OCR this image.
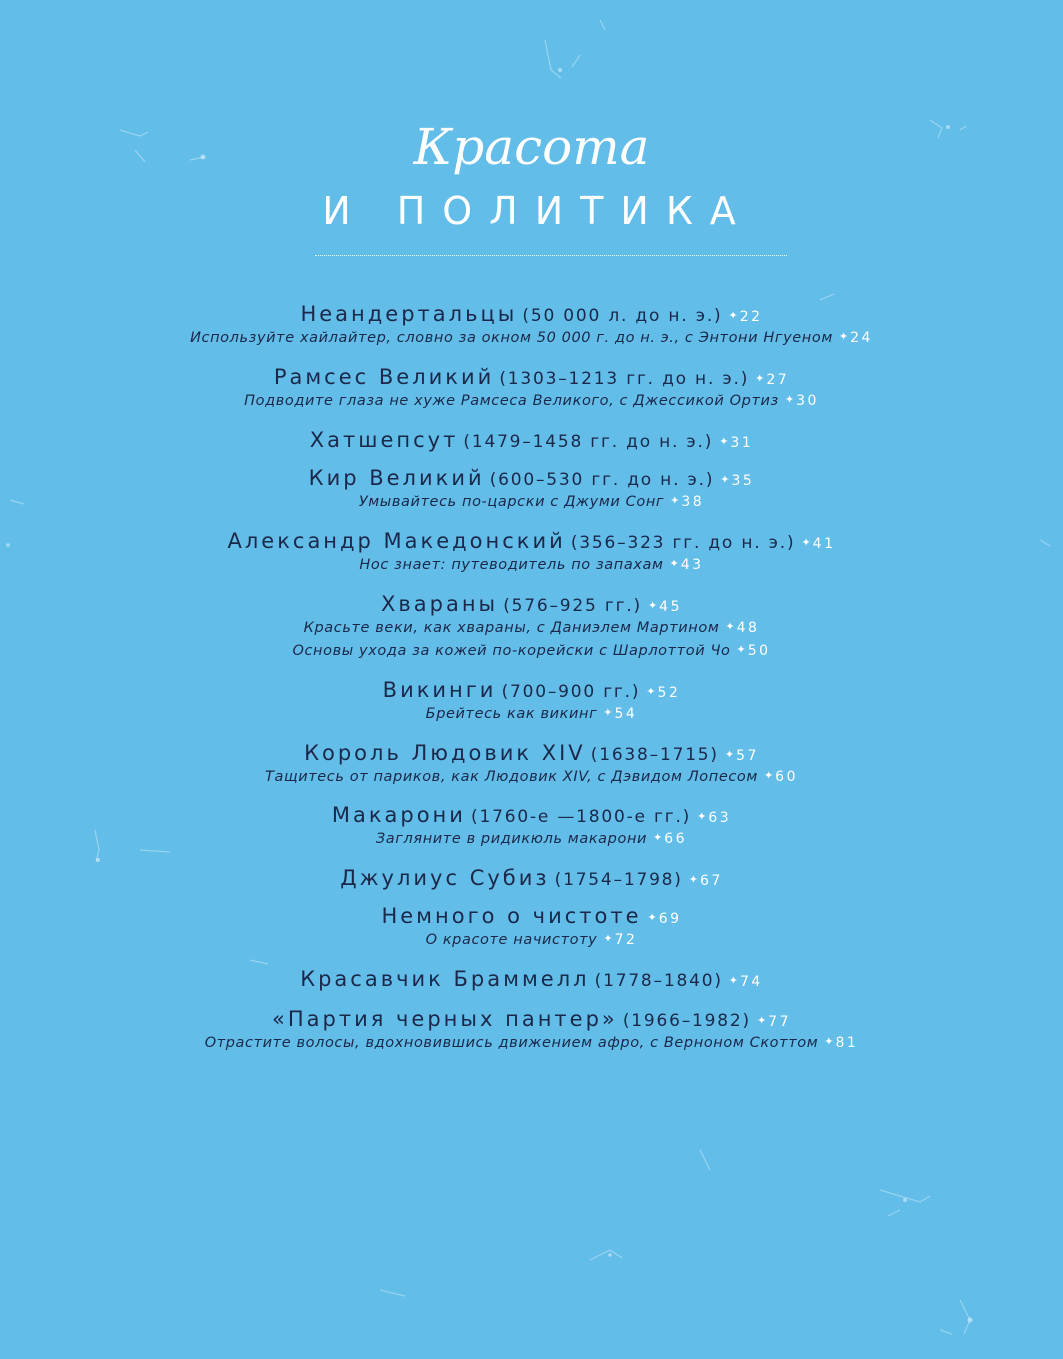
Красота
И ПОЛИТИКА
Неандертальцы (50 000 л. до н. э.) ✦ 22
Используйте хайлайтер, словно за окном 50 000 г. до н. э., с Энтони Нгуеном ✦ 24
Рамсес Великий (1303–1213 гг. до н. э.) ✦ 27
Подводите глаза не хуже Рамсеса Великого, с Джессикой Ортиз ✦ 30
Хатшепсут (1479–1458 гг. до н. э.) ✦ 31
Кир Великий (600–530 гг. до н. э.) ✦ 35
Умывайтесь по-царски с Джуми Сонг ✦ 38
Александр Македонский (356–323 гг. до н. э.) ✦ 41
Нос знает: путеводитель по запахам ✦ 43
Хвараны (576–925 гг.) ✦ 45
Красьте веки, как хвараны, с Даниэлем Мартином ✦ 48
Основы ухода за кожей по-корейски с Шарлоттой Чо ✦ 50
Викинги (700–900 гг.) ✦ 52
Брейтесь как викинг ✦ 54
Король Людовик XIV (1638–1715) ✦ 57
Тащитесь от париков, как Людовик XIV, с Дэвидом Лопесом ✦ 60
Макарони (1760-е —1800-е гг.) ✦ 63
Загляните в ридикюль макарони ✦ 66
Джулиус Субиз (1754–1798) ✦ 67
Немного о чистоте ✦ 69
О красоте начистоту ✦ 72
Красавчик Браммелл (1778–1840) ✦ 74
«Партия черных пантер» (1966–1982) ✦ 77
Отрастите волосы, вдохновившись движением афро, с Верноном Скоттом ✦ 81
